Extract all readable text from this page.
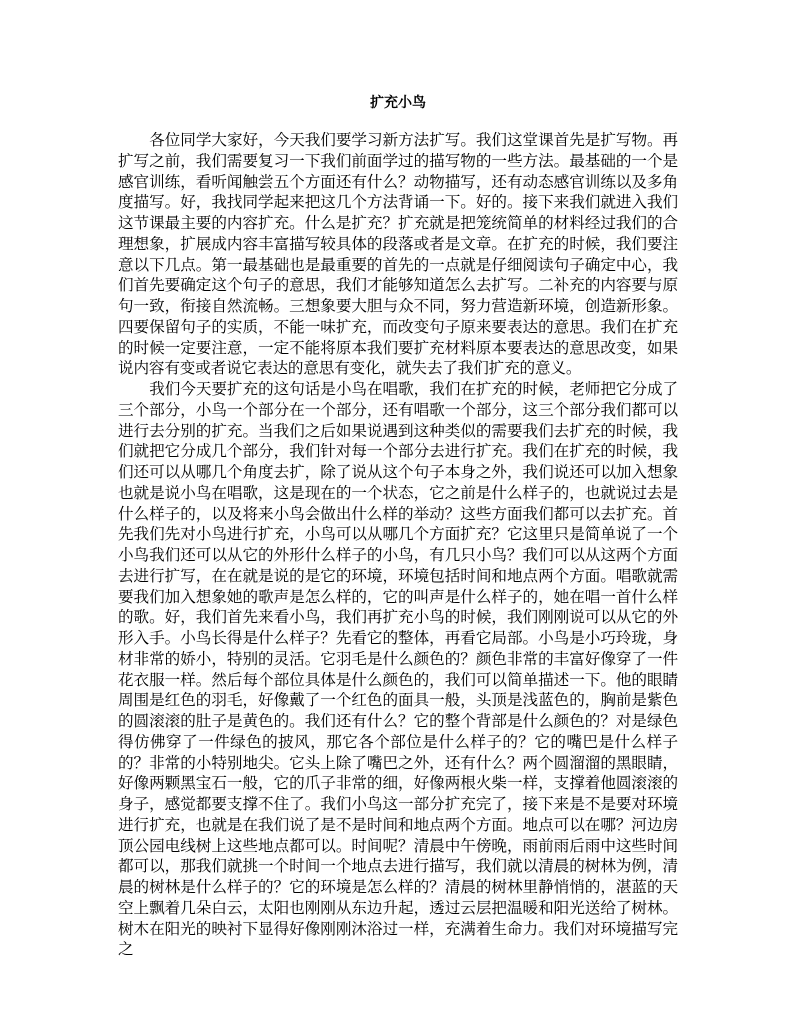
扩充小鸟

各位同学大家好，今天我们要学习新方法扩写。我们这堂课首先是扩写物。再扩写之前，我们需要复习一下我们前面学过的描写物的一些方法。最基础的一个是感官训练，看听闻触尝五个方面还有什么？动物描写，还有动态感官训练以及多角度描写。好，我找同学起来把这几个方法背诵一下。好的。接下来我们就进入我们这节课最主要的内容扩充。什么是扩充？扩充就是把笼统简单的材料经过我们的合理想象，扩展成内容丰富描写较具体的段落或者是文章。在扩充的时候，我们要注意以下几点。第一最基础也是最重要的首先的一点就是仔细阅读句子确定中心，我们首先要确定这个句子的意思，我们才能够知道怎么去扩写。二补充的内容要与原句一致，衔接自然流畅。三想象要大胆与众不同，努力营造新环境，创造新形象。四要保留句子的实质，不能一味扩充，而改变句子原来要表达的意思。我们在扩充的时候一定要注意，一定不能将原本我们要扩充材料原本要表达的意思改变，如果说内容有变或者说它表达的意思有变化，就失去了我们扩充的意义。

我们今天要扩充的这句话是小鸟在唱歌，我们在扩充的时候，老师把它分成了三个部分，小鸟一个部分在一个部分，还有唱歌一个部分，这三个部分我们都可以进行去分别的扩充。当我们之后如果说遇到这种类似的需要我们去扩充的时候，我们就把它分成几个部分，我们针对每一个部分去进行扩充。我们在扩充的时候，我们还可以从哪几个角度去扩，除了说从这个句子本身之外，我们说还可以加入想象也就是说小鸟在唱歌，这是现在的一个状态，它之前是什么样子的，也就说过去是什么样子的，以及将来小鸟会做出什么样的举动？这些方面我们都可以去扩充。首先我们先对小鸟进行扩充，小鸟可以从哪几个方面扩充？它这里只是简单说了一个小鸟我们还可以从它的外形什么样子的小鸟，有几只小鸟？我们可以从这两个方面去进行扩写，在在就是说的是它的环境，环境包括时间和地点两个方面。唱歌就需要我们加入想象她的歌声是怎么样的，它的叫声是什么样子的，她在唱一首什么样的歌。好，我们首先来看小鸟，我们再扩充小鸟的时候，我们刚刚说可以从它的外形入手。小鸟长得是什么样子？先看它的整体，再看它局部。小鸟是小巧玲珑，身材非常的娇小，特别的灵活。它羽毛是什么颜色的？颜色非常的丰富好像穿了一件花衣服一样。然后每个部位具体是什么颜色的，我们可以简单描述一下。他的眼睛周围是红色的羽毛，好像戴了一个红色的面具一般，头顶是浅蓝色的，胸前是紫色的圆滚滚的肚子是黄色的。我们还有什么？它的整个背部是什么颜色的？对是绿色得仿佛穿了一件绿色的披风，那它各个部位是什么样子的？它的嘴巴是什么样子的？非常的小特别地尖。它头上除了嘴巴之外，还有什么？两个圆溜溜的黑眼睛，好像两颗黑宝石一般，它的爪子非常的细，好像两根火柴一样，支撑着他圆滚滚的身子，感觉都要支撑不住了。我们小鸟这一部分扩充完了，接下来是不是要对环境进行扩充，也就是在我们说了是不是时间和地点两个方面。地点可以在哪？河边房顶公园电线树上这些地点都可以。时间呢？清晨中午傍晚，雨前雨后雨中这些时间都可以，那我们就挑一个时间一个地点去进行描写，我们就以清晨的树林为例，清晨的树林是什么样子的？它的环境是怎么样的？清晨的树林里静悄悄的，湛蓝的天空上飘着几朵白云，太阳也刚刚从东边升起，透过云层把温暖和阳光送给了树林。树木在阳光的映衬下显得好像刚刚沐浴过一样，充满着生命力。我们对环境描写完之
